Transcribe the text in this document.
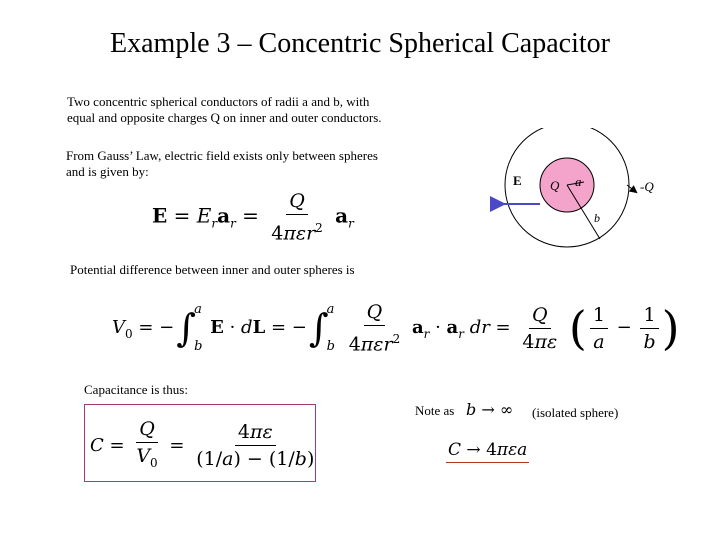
Example 3 – Concentric Spherical Capacitor
Two concentric spherical conductors of radii a and b, with
equal and opposite charges Q on inner and outer conductors.
From Gauss’ Law, electric field exists only between spheres
and is given by:
$E = E_ra_r = \frac{Q}{4\pi\varepsilon r^2} a_r$
E Q a
b
-Q
Potential difference between inner and outer spheres is
$V_0$ = − ∫
a
b
E · dL = − ∫
a
b
$\frac{Q}{4\pi\varepsilon r^2} a_r \cdot a_r$ dr = $\frac{Q}{4\pi\varepsilon}$ ( $\frac{1}{a} - \frac{1}{b}$ )
Capacitance is thus:
$C = \frac{Q}{V_0} = \frac{4\pi\varepsilon}{(1/a) - (1/b)}$
Note as b → ∞ (isolated sphere)
C → 4πεa
